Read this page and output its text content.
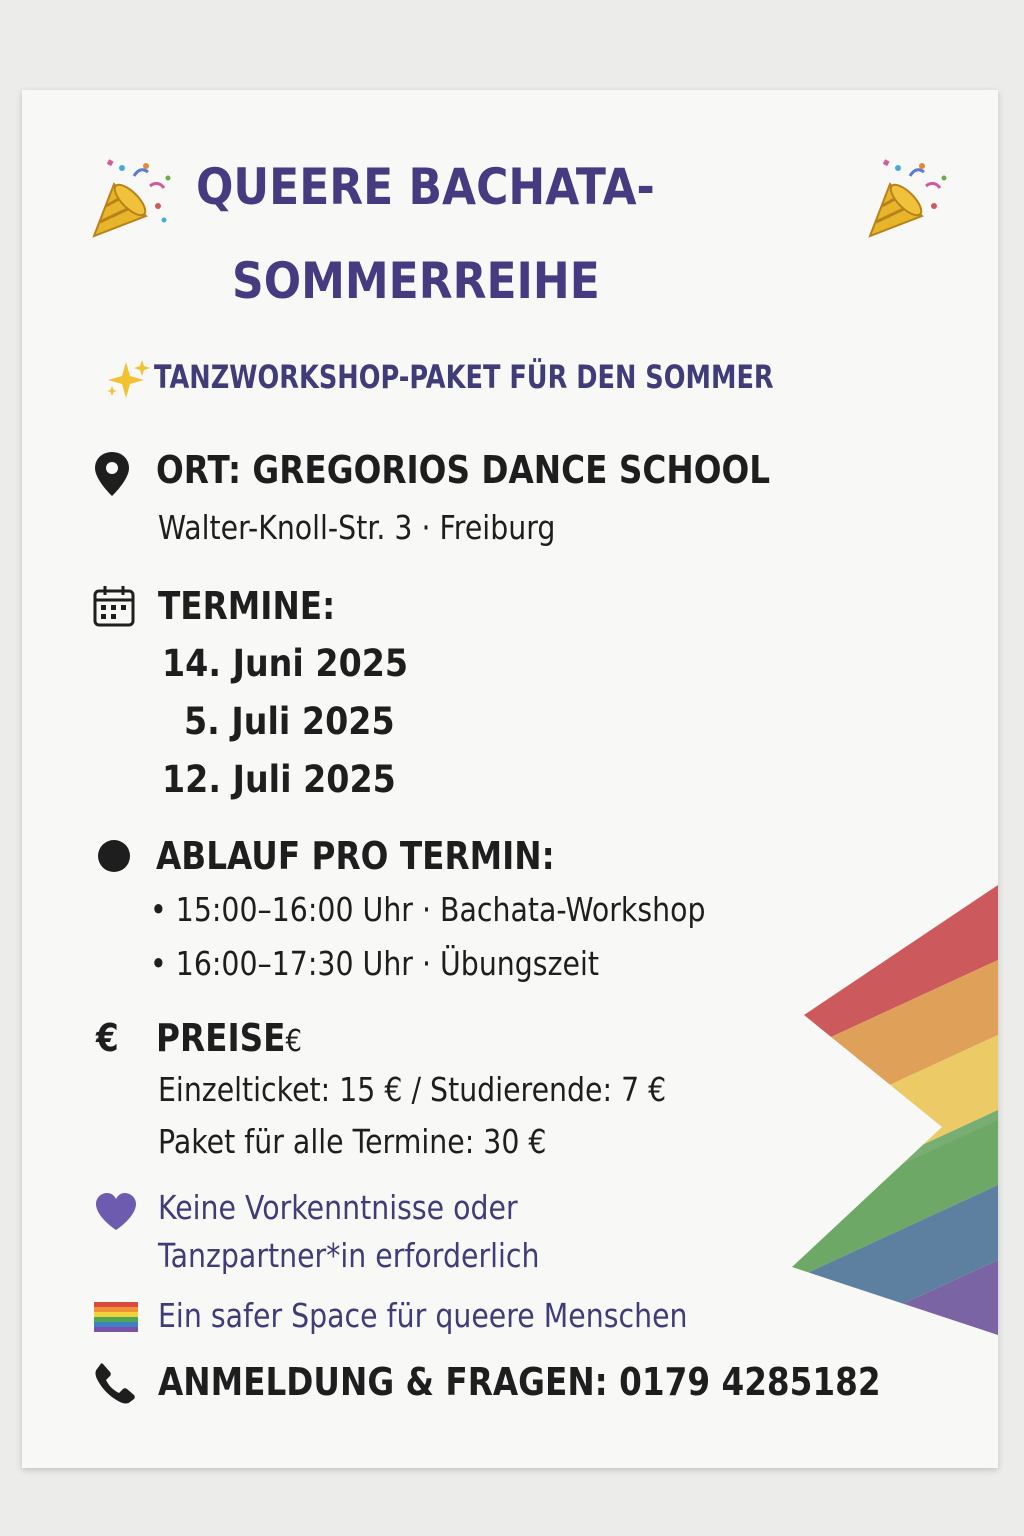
QUEERE BACHATA-
SOMMERREIHE
TANZWORKSHOP-PAKET FÜR DEN SOMMER
ORT: GREGORIOS DANCE SCHOOL
Walter-Knoll-Str. 3 · Freiburg
TERMINE:
14. Juni 2025
5. Juli 2025
12. Juli 2025
ABLAUF PRO TERMIN:
• 15:00–16:00 Uhr · Bachata-Workshop
• 16:00–17:30 Uhr · Übungszeit
€ PREISE€
Einzelticket: 15 € / Studierende: 7 €
Paket für alle Termine: 30 €
Keine Vorkenntnisse oder
Tanzpartner*in erforderlich
Ein safer Space für queere Menschen
ANMELDUNG & FRAGEN: 0179 4285182
